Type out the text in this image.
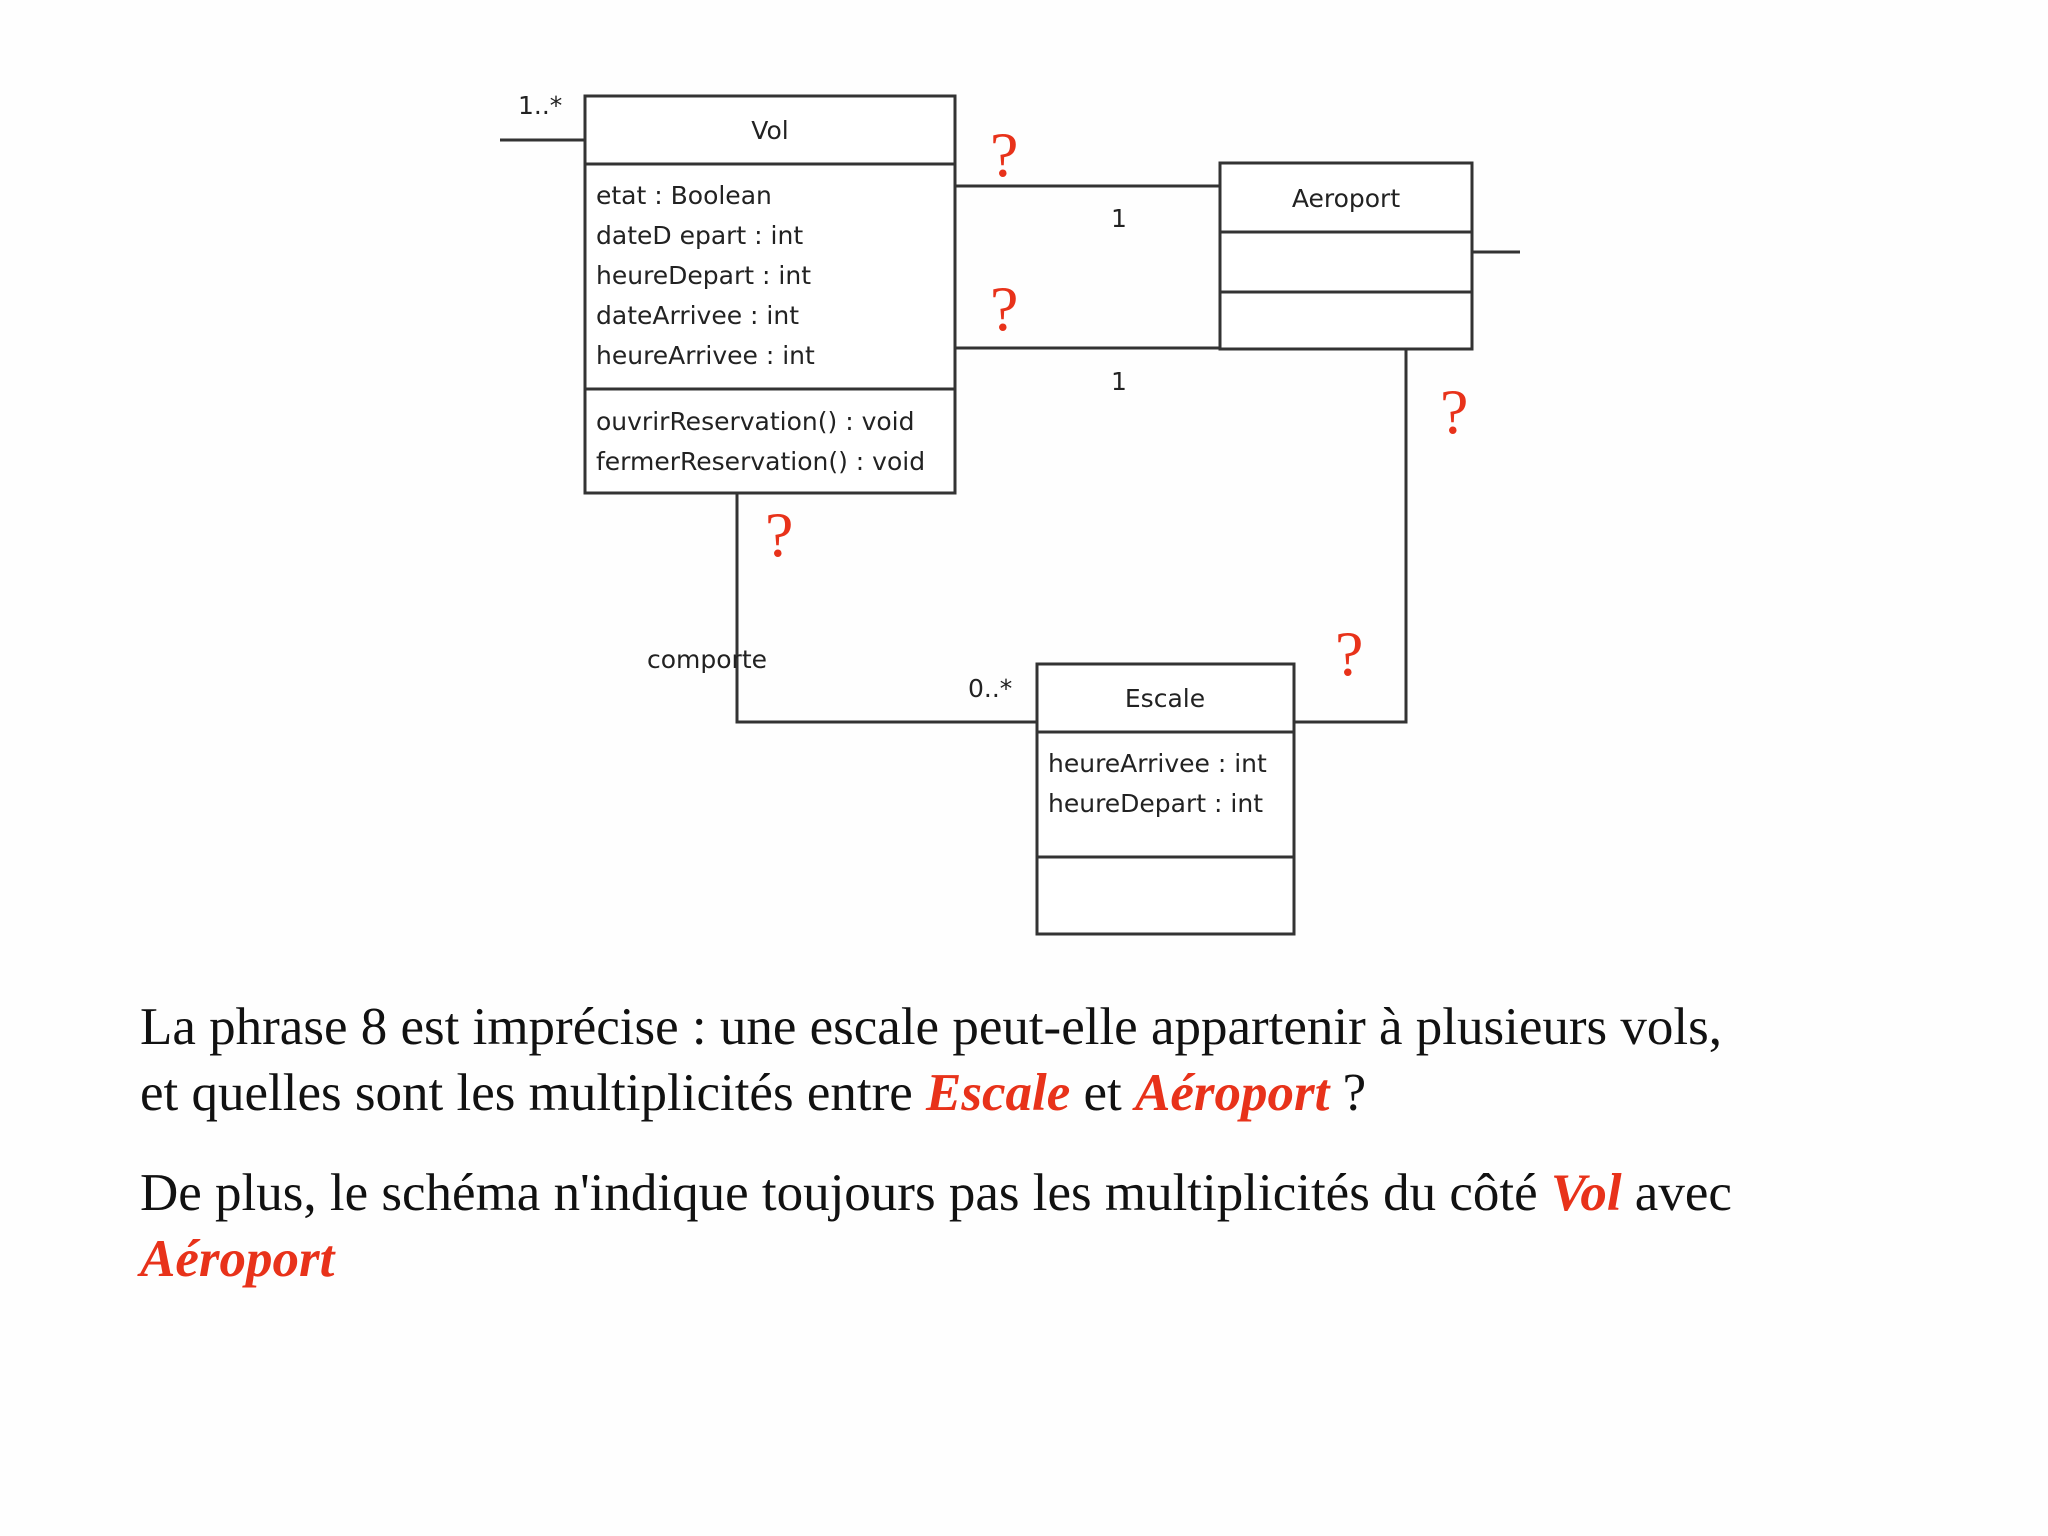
Vol
etat : Boolean
dateD epart : int
heureDepart : int
dateArrivee : int
heureArrivee : int
ouvrirReservation() : void
fermerReservation() : void
Aeroport
Escale
heureArrivee : int
heureDepart : int
1..*
1
1
comporte
0..*
?
?
?
?
?
La phrase 8 est imprécise : une escale peut-elle appartenir à plusieurs vols,
et quelles sont les multiplicités entre Escale et Aéroport ?
De plus, le schéma n'indique toujours pas les multiplicités du côté Vol avec
Aéroport
